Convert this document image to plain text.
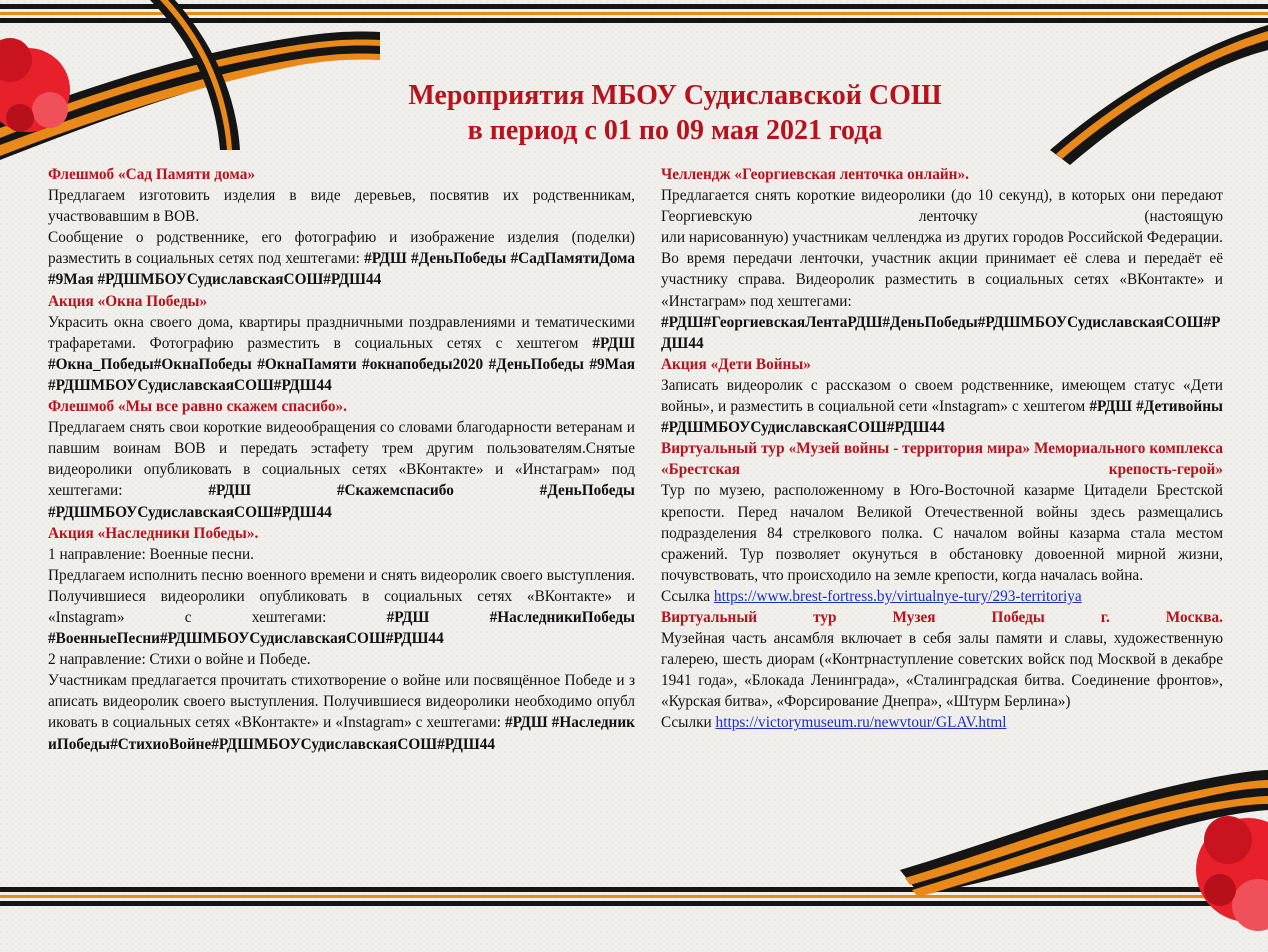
Мероприятия МБОУ Судиславской СОШ
в период с 01 по 09 мая 2021 года
Флешмоб «Сад Памяти дома»

Предлагаем изготовить изделия в виде деревьев, посвятив их родственникам, участвовавшим в ВОВ.

Сообщение о родственнике, его фотографию и изображение изделия (поделки) разместить в социальных сетях под хештегами: #РДШ #ДеньПобеды #СадПамятиДома #9Мая #РДШМБОУСудиславскаяСОШ#РДШ44

Акция «Окна Победы»

Украсить окна своего дома, квартиры праздничными поздравлениями и тематическими трафаретами. Фотографию разместить в социальных сетях с хештегом #РДШ #Окна_Победы#ОкнаПобеды #ОкнаПамяти #окнапобеды2020 #ДеньПобеды #9Мая #РДШМБОУСудиславскаяСОШ#РДШ44

Флешмоб «Мы все равно скажем спасибо».

Предлагаем снять свои короткие видеообращения со словами благодарности ветеранам и павшим воинам ВОВ и передать эстафету трем другим пользователям.Снятые видеоролики опубликовать в социальных сетях «ВКонтакте» и «Инстаграм» под хештегами:	#РДШ #Скажемспасибо #ДеньПобеды #РДШМБОУСудиславскаяСОШ#РДШ44

Акция «Наследники Победы».

1 направление: Военные песни.

Предлагаем исполнить песню военного времени и снять видеоролик своего выступления. Получившиеся видеоролики опубликовать в социальных сетях «ВКонтакте» и «Instagram» с хештегами:	#РДШ #НаследникиПобеды #ВоенныеПесни#РДШМБОУСудиславскаяСОШ#РДШ44

2 направление: Стихи о войне и Победе.

Участникам предлагается прочитать стихотворение о войне или посвящённое Победе и записать видеоролик своего выступления. Получившиеся видеоролики необходимо опубликовать в социальных сетях «ВКонтакте» и «Instagram» с хештегами: #РДШ #НаследникиПобеды#СтихиоВойне#РДШМБОУСудиславскаяСОШ#РДШ44

Челлендж «Георгиевская ленточка онлайн».

Предлагается снять короткие видеоролики (до 10 секунд), в которых они передают Георгиевскую ленточку (настоящую

или нарисованную) участникам челленджа из других городов Российской Федерации. Во время передачи ленточки, участник акции принимает её слева и передаёт её участнику справа. Видеоролик разместить в социальных сетях «ВКонтакте» и «Инстаграм» под хештегами:

#РДШ#ГеоргиевскаяЛентаРДШ#ДеньПобеды#РДШМБОУСудиславскаяСОШ#РДШ44

Акция «Дети Войны»

Записать видеоролик с рассказом о своем родственнике, имеющем статус «Дети войны», и разместить в социальной сети «Instagram» с хештегом #РДШ #Детивойны #РДШМБОУСудиславскаяСОШ#РДШ44

Виртуальный тур «Музей войны - территория мира» Мемориального комплекса «Брестская крепость-герой»

Тур по музею, расположенному в Юго-Восточной казарме Цитадели Брестской крепости. Перед началом Великой Отечественной войны здесь размещались подразделения 84 стрелкового полка. С началом войны казарма стала местом сражений. Тур позволяет окунуться в обстановку довоенной мирной жизни, почувствовать, что происходило на земле крепости, когда началась война.

Ссылка https://www.brest-fortress.by/virtualnye-tury/293-territoriya

Виртуальный тур Музея Победы г. Москва.

Музейная часть ансамбля включает в себя залы памяти и славы, художественную галерею, шесть диорам («Контрнаступление советских войск под Москвой в декабре 1941 года», «Блокада Ленинграда», «Сталинградская битва. Соединение фронтов», «Курская битва», «Форсирование Днепра», «Штурм Берлина»)

Ссылки https://victorymuseum.ru/newvtour/GLAV.html
